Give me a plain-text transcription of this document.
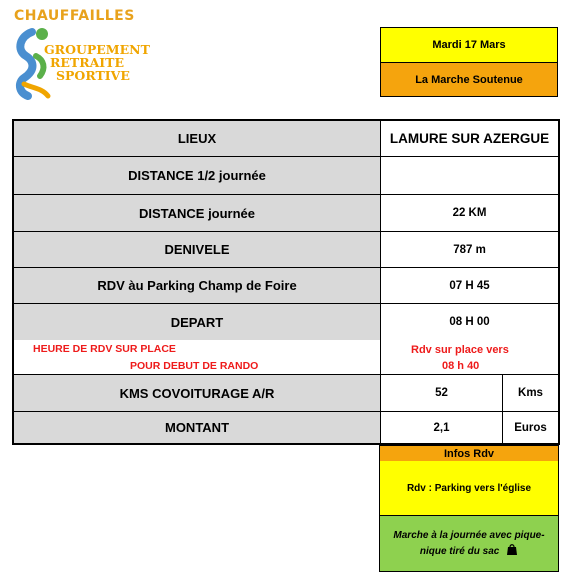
CHAUFFAILLES
GROUPEMENT
RETRAITE
SPORTIVE
Mardi 17 Mars
La Marche Soutenue
LIEUX	LAMURE SUR AZERGUE
DISTANCE 1/2 journée
DISTANCE journée	22 KM
DENIVELE	787 m
RDV àu Parking Champ de Foire	07 H 45
DEPART	08 H 00
HEURE DE RDV SUR PLACE
POUR DEBUT DE RANDO
Rdv sur place vers
08 h 40
KMS COVOITURAGE A/R	52	Kms
MONTANT	2,1	Euros
Infos Rdv
Rdv : Parking vers l'église
Marche à la journée avec pique-
nique tiré du sac
